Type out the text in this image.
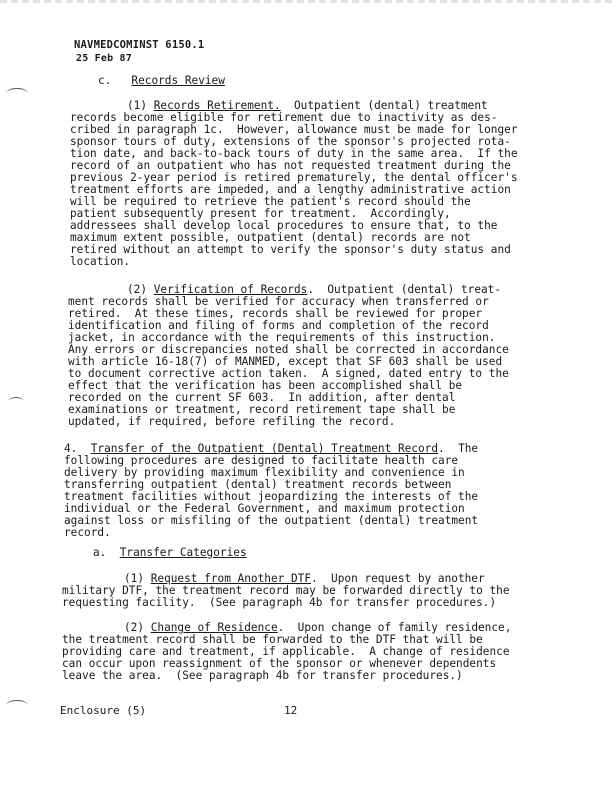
NAVMEDCOMINST 6150.1
25 Feb 87
c. Records Review
(1) Records Retirement.  Outpatient (dental) treatment
records become eligible for retirement due to inactivity as des-
cribed in paragraph 1c.  However, allowance must be made for longer
sponsor tours of duty, extensions of the sponsor's projected rota-
tion date, and back-to-back tours of duty in the same area.  If the
record of an outpatient who has not requested treatment during the
previous 2-year period is retired prematurely, the dental officer's
treatment efforts are impeded, and a lengthy administrative action
will be required to retrieve the patient's record should the
patient subsequently present for treatment.  Accordingly,
addressees shall develop local procedures to ensure that, to the
maximum extent possible, outpatient (dental) records are not
retired without an attempt to verify the sponsor's duty status and
location.
(2) Verification of Records.  Outpatient (dental) treat-
ment records shall be verified for accuracy when transferred or
retired.  At these times, records shall be reviewed for proper
identification and filing of forms and completion of the record
jacket, in accordance with the requirements of this instruction.
Any errors or discrepancies noted shall be corrected in accordance
with article 16-18(7) of MANMED, except that SF 603 shall be used
to document corrective action taken.  A signed, dated entry to the
effect that the verification has been accomplished shall be
recorded on the current SF 603.  In addition, after dental
examinations or treatment, record retirement tape shall be
updated, if required, before refiling the record.
4.  Transfer of the Outpatient (Dental) Treatment Record.  The
following procedures are designed to facilitate health care
delivery by providing maximum flexibility and convenience in
transferring outpatient (dental) treatment records between
treatment facilities without jeopardizing the interests of the
individual or the Federal Government, and maximum protection
against loss or misfiling of the outpatient (dental) treatment
record.
a. Transfer Categories
(1) Request from Another DTF.  Upon request by another
military DTF, the treatment record may be forwarded directly to the
requesting facility.  (See paragraph 4b for transfer procedures.)
(2) Change of Residence.  Upon change of family residence,
the treatment record shall be forwarded to the DTF that will be
providing care and treatment, if applicable.  A change of residence
can occur upon reassignment of the sponsor or whenever dependents
leave the area.  (See paragraph 4b for transfer procedures.)
Enclosure (5)	12
